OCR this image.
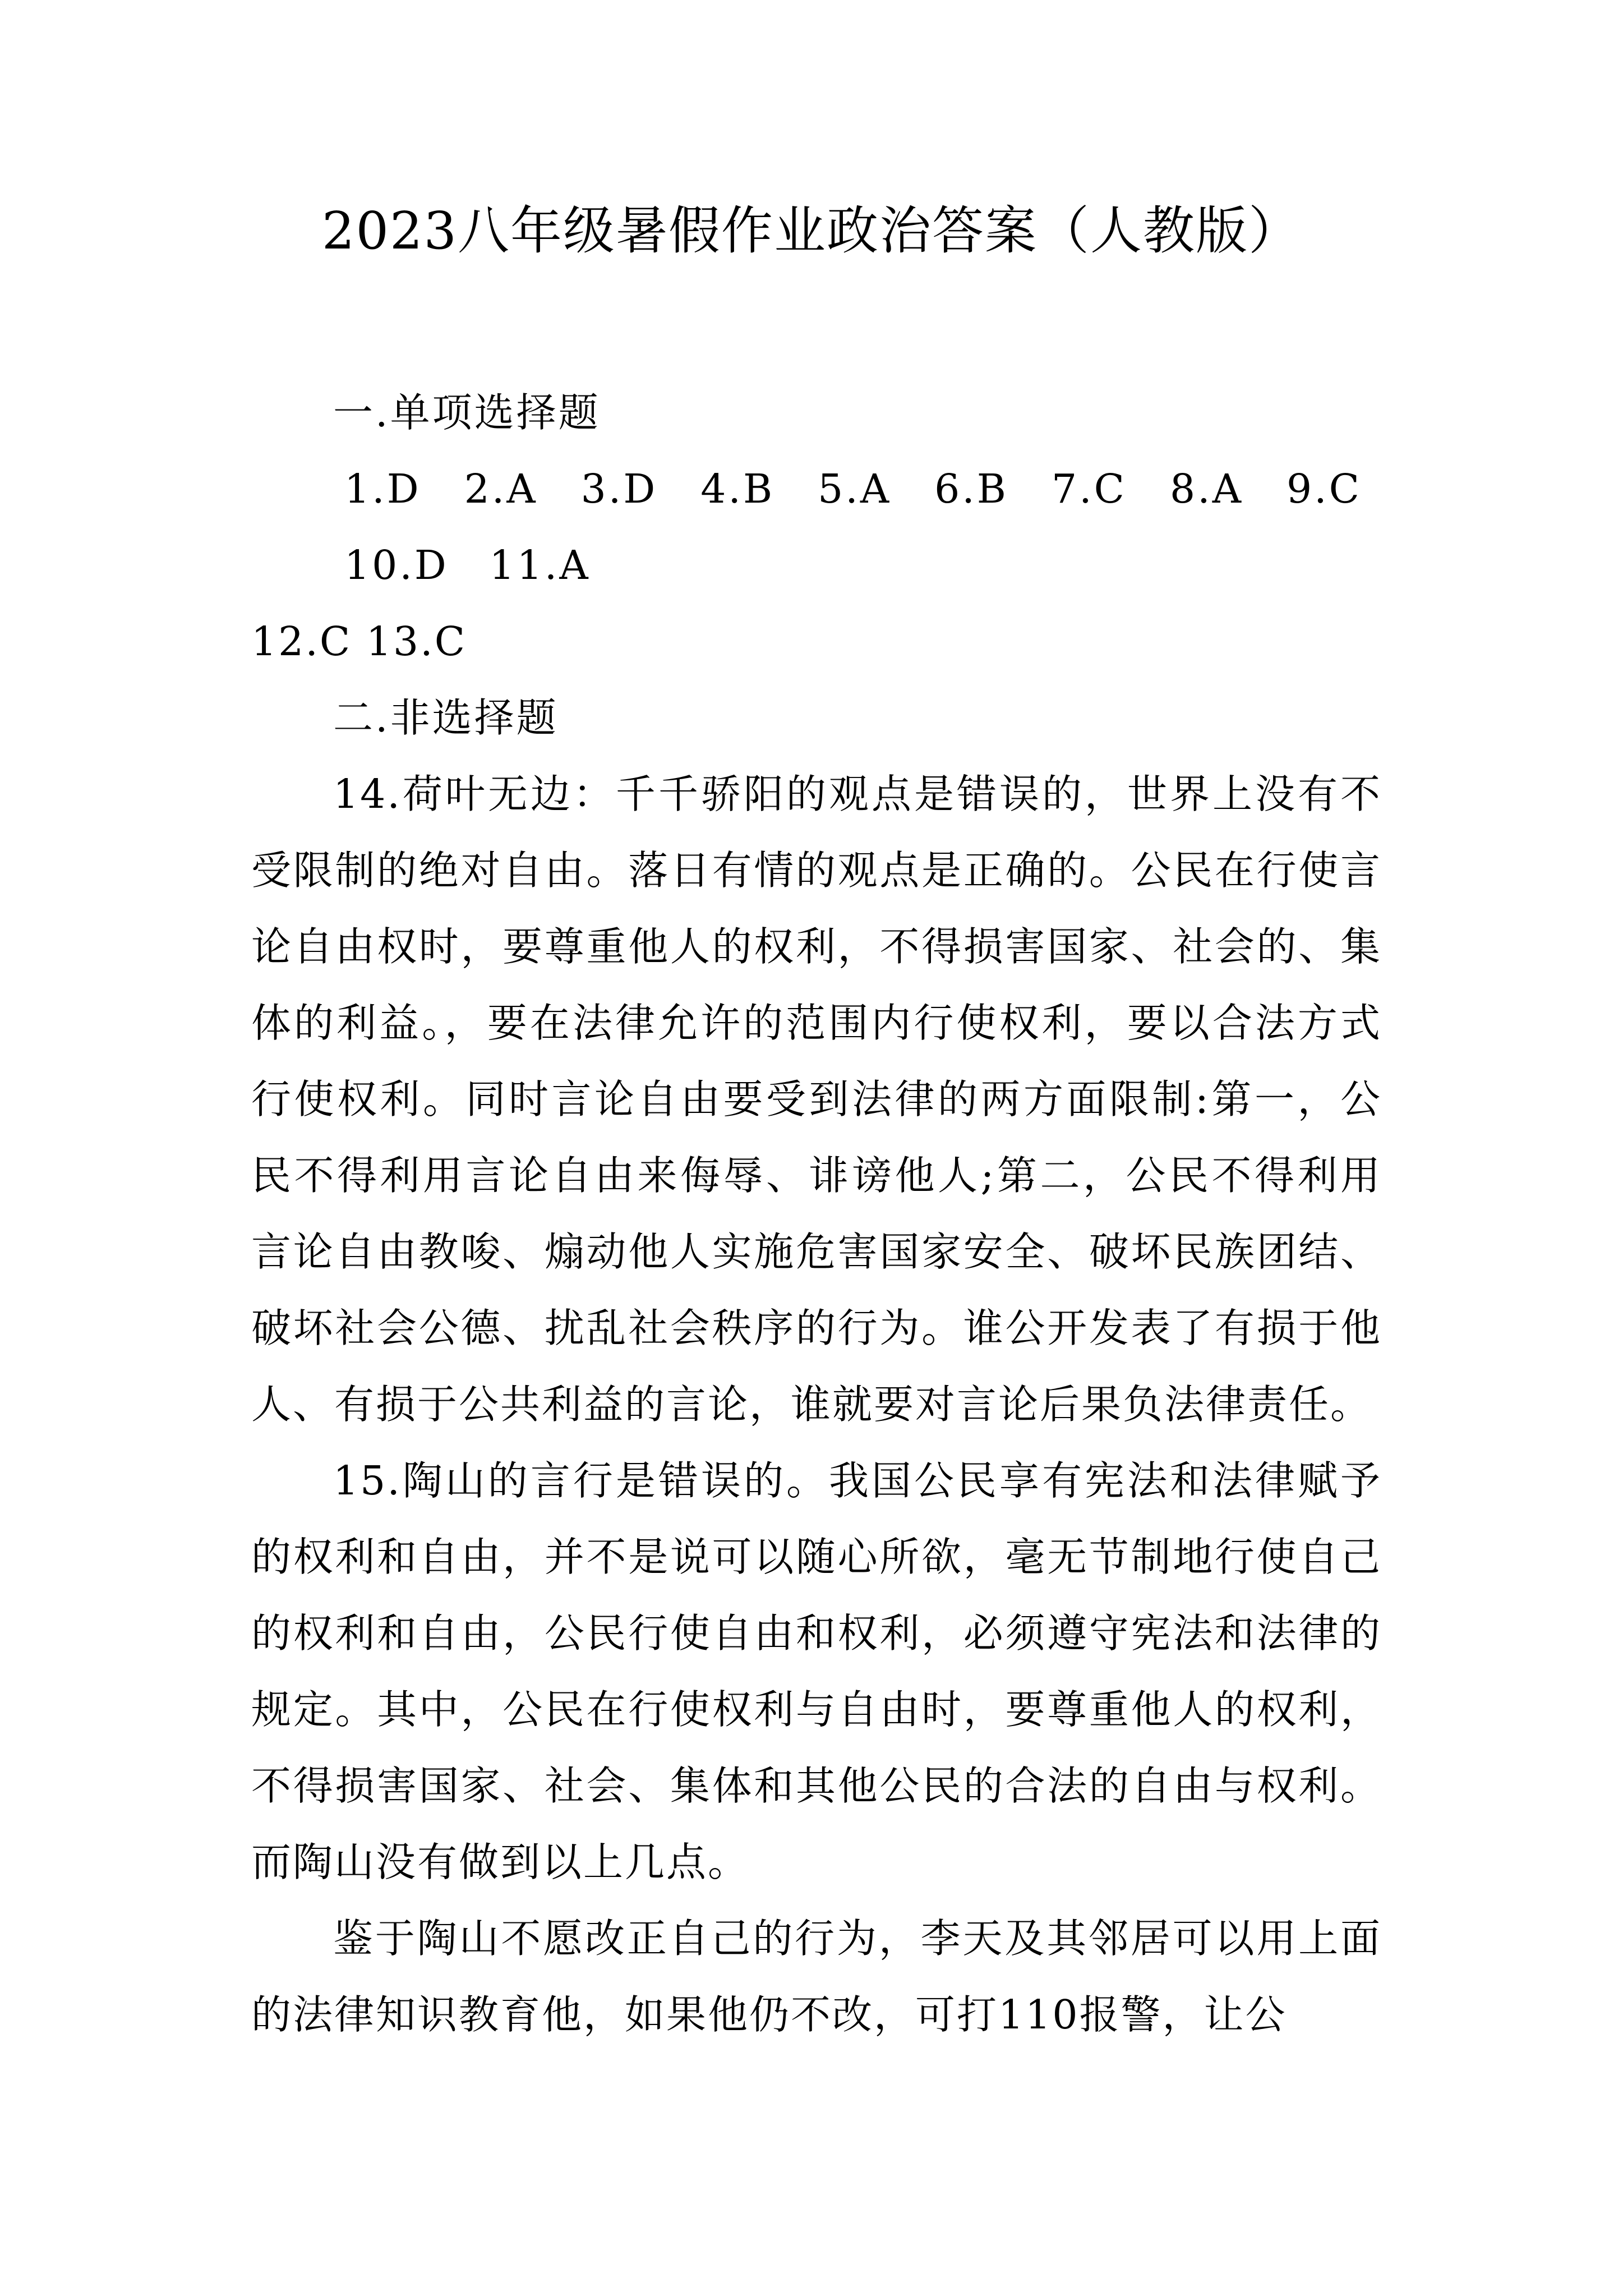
2023八年级暑假作业政治答案（人教版）

一.单项选择题

1.D 2.A 3.D 4.B 5.A 6.B 7.C 8.A 9.C 10.D 11.A

12.C 13.C

二.非选择题

14.荷叶无边：千千骄阳的观点是错误的，世界上没有不受限制的绝对自由。落日有情的观点是正确的。公民在行使言论自由权时，要尊重他人的权利，不得损害国家、社会的、集体的利益。，要在法律允许的范围内行使权利，要以合法方式行使权利。同时言论自由要受到法律的两方面限制:第一，公民不得利用言论自由来侮辱、诽谤他人;第二，公民不得利用言论自由教唆、煽动他人实施危害国家安全、破坏民族团结、破坏社会公德、扰乱社会秩序的行为。谁公开发表了有损于他人、有损于公共利益的言论，谁就要对言论后果负法律责任。

15.陶山的言行是错误的。我国公民享有宪法和法律赋予的权利和自由，并不是说可以随心所欲，毫无节制地行使自己的权利和自由，公民行使自由和权利，必须遵守宪法和法律的规定。其中，公民在行使权利与自由时，要尊重他人的权利，不得损害国家、社会、集体和其他公民的合法的自由与权利。而陶山没有做到以上几点。

鉴于陶山不愿改正自己的行为，李天及其邻居可以用上面的法律知识教育他，如果他仍不改，可打110报警，让公
